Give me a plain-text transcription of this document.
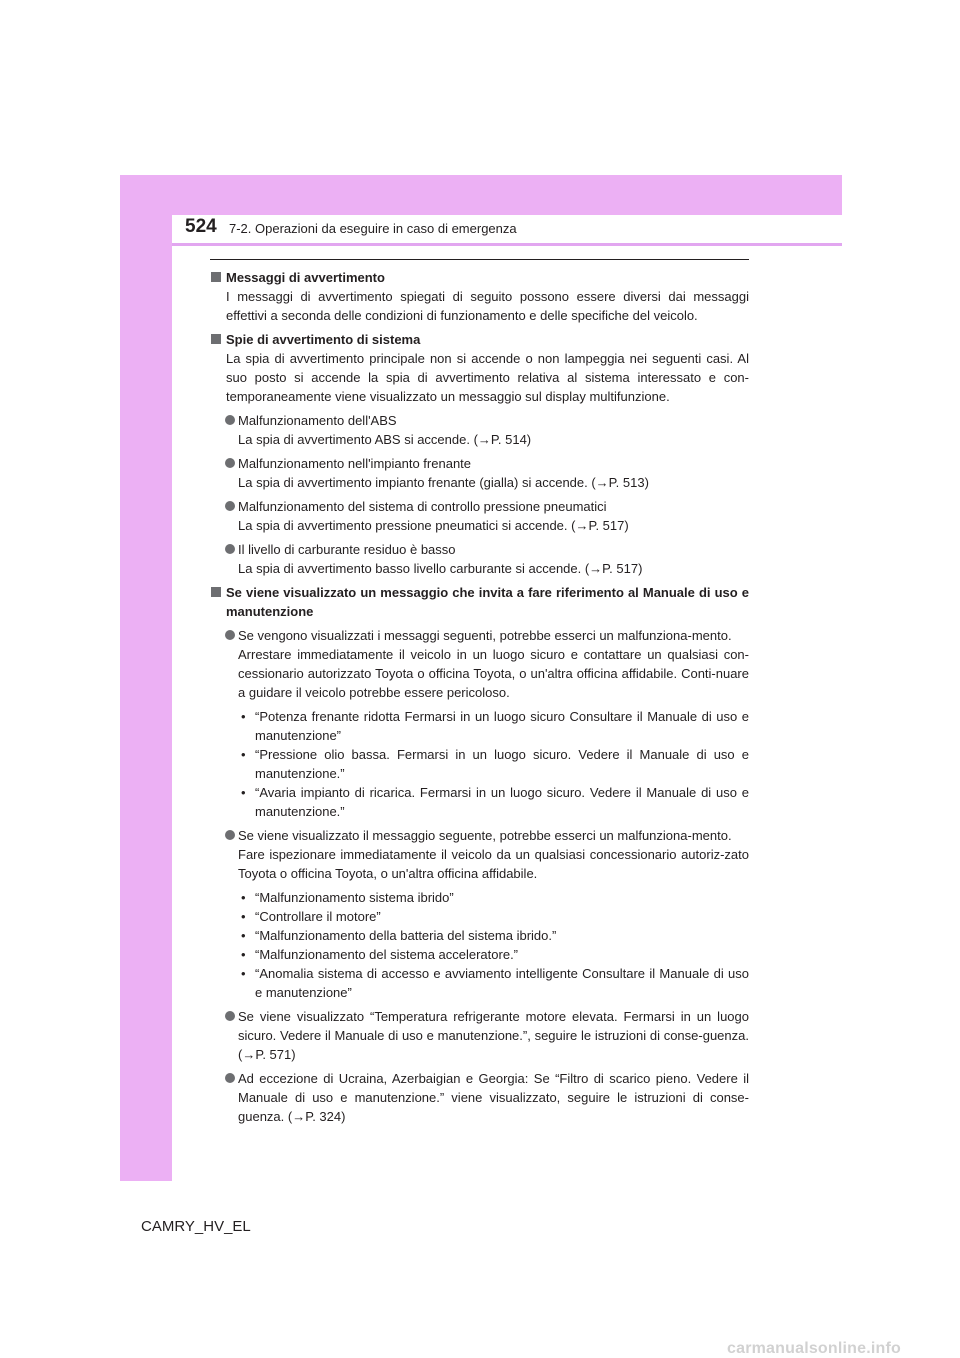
524 7-2. Operazioni da eseguire in caso di emergenza
Messaggi di avvertimento
I messaggi di avvertimento spiegati di seguito possono essere diversi dai messaggi effettivi a seconda delle condizioni di funzionamento e delle specifiche del veicolo.
Spie di avvertimento di sistema
La spia di avvertimento principale non si accende o non lampeggia nei seguenti casi. Al suo posto si accende la spia di avvertimento relativa al sistema interessato e con-temporaneamente viene visualizzato un messaggio sul display multifunzione.
Malfunzionamento dell'ABS
La spia di avvertimento ABS si accende. (→P. 514)
Malfunzionamento nell'impianto frenante
La spia di avvertimento impianto frenante (gialla) si accende. (→P. 513)
Malfunzionamento del sistema di controllo pressione pneumatici
La spia di avvertimento pressione pneumatici si accende. (→P. 517)
Il livello di carburante residuo è basso
La spia di avvertimento basso livello carburante si accende. (→P. 517)
Se viene visualizzato un messaggio che invita a fare riferimento al Manuale di uso e manutenzione
Se vengono visualizzati i messaggi seguenti, potrebbe esserci un malfunziona-mento.
Arrestare immediatamente il veicolo in un luogo sicuro e contattare un qualsiasi con-cessionario autorizzato Toyota o officina Toyota, o un'altra officina affidabile. Conti-nuare a guidare il veicolo potrebbe essere pericoloso.
• “Potenza frenante ridotta Fermarsi in un luogo sicuro Consultare il Manuale di uso e manutenzione”
• “Pressione olio bassa. Fermarsi in un luogo sicuro. Vedere il Manuale di uso e manutenzione.”
• “Avaria impianto di ricarica. Fermarsi in un luogo sicuro. Vedere il Manuale di uso e manutenzione.”
Se viene visualizzato il messaggio seguente, potrebbe esserci un malfunziona-mento.
Fare ispezionare immediatamente il veicolo da un qualsiasi concessionario autoriz-zato Toyota o officina Toyota, o un'altra officina affidabile.
• “Malfunzionamento sistema ibrido”
• “Controllare il motore”
• “Malfunzionamento della batteria del sistema ibrido.”
• “Malfunzionamento del sistema acceleratore.”
• “Anomalia sistema di accesso e avviamento intelligente Consultare il Manuale di uso e manutenzione”
Se viene visualizzato “Temperatura refrigerante motore elevata. Fermarsi in un luogo sicuro. Vedere il Manuale di uso e manutenzione.”, seguire le istruzioni di conse-guenza. (→P. 571)
Ad eccezione di Ucraina, Azerbaigian e Georgia: Se “Filtro di scarico pieno. Vedere il Manuale di uso e manutenzione.” viene visualizzato, seguire le istruzioni di conse-guenza. (→P. 324)
CAMRY_HV_EL
carmanualsonline.info
